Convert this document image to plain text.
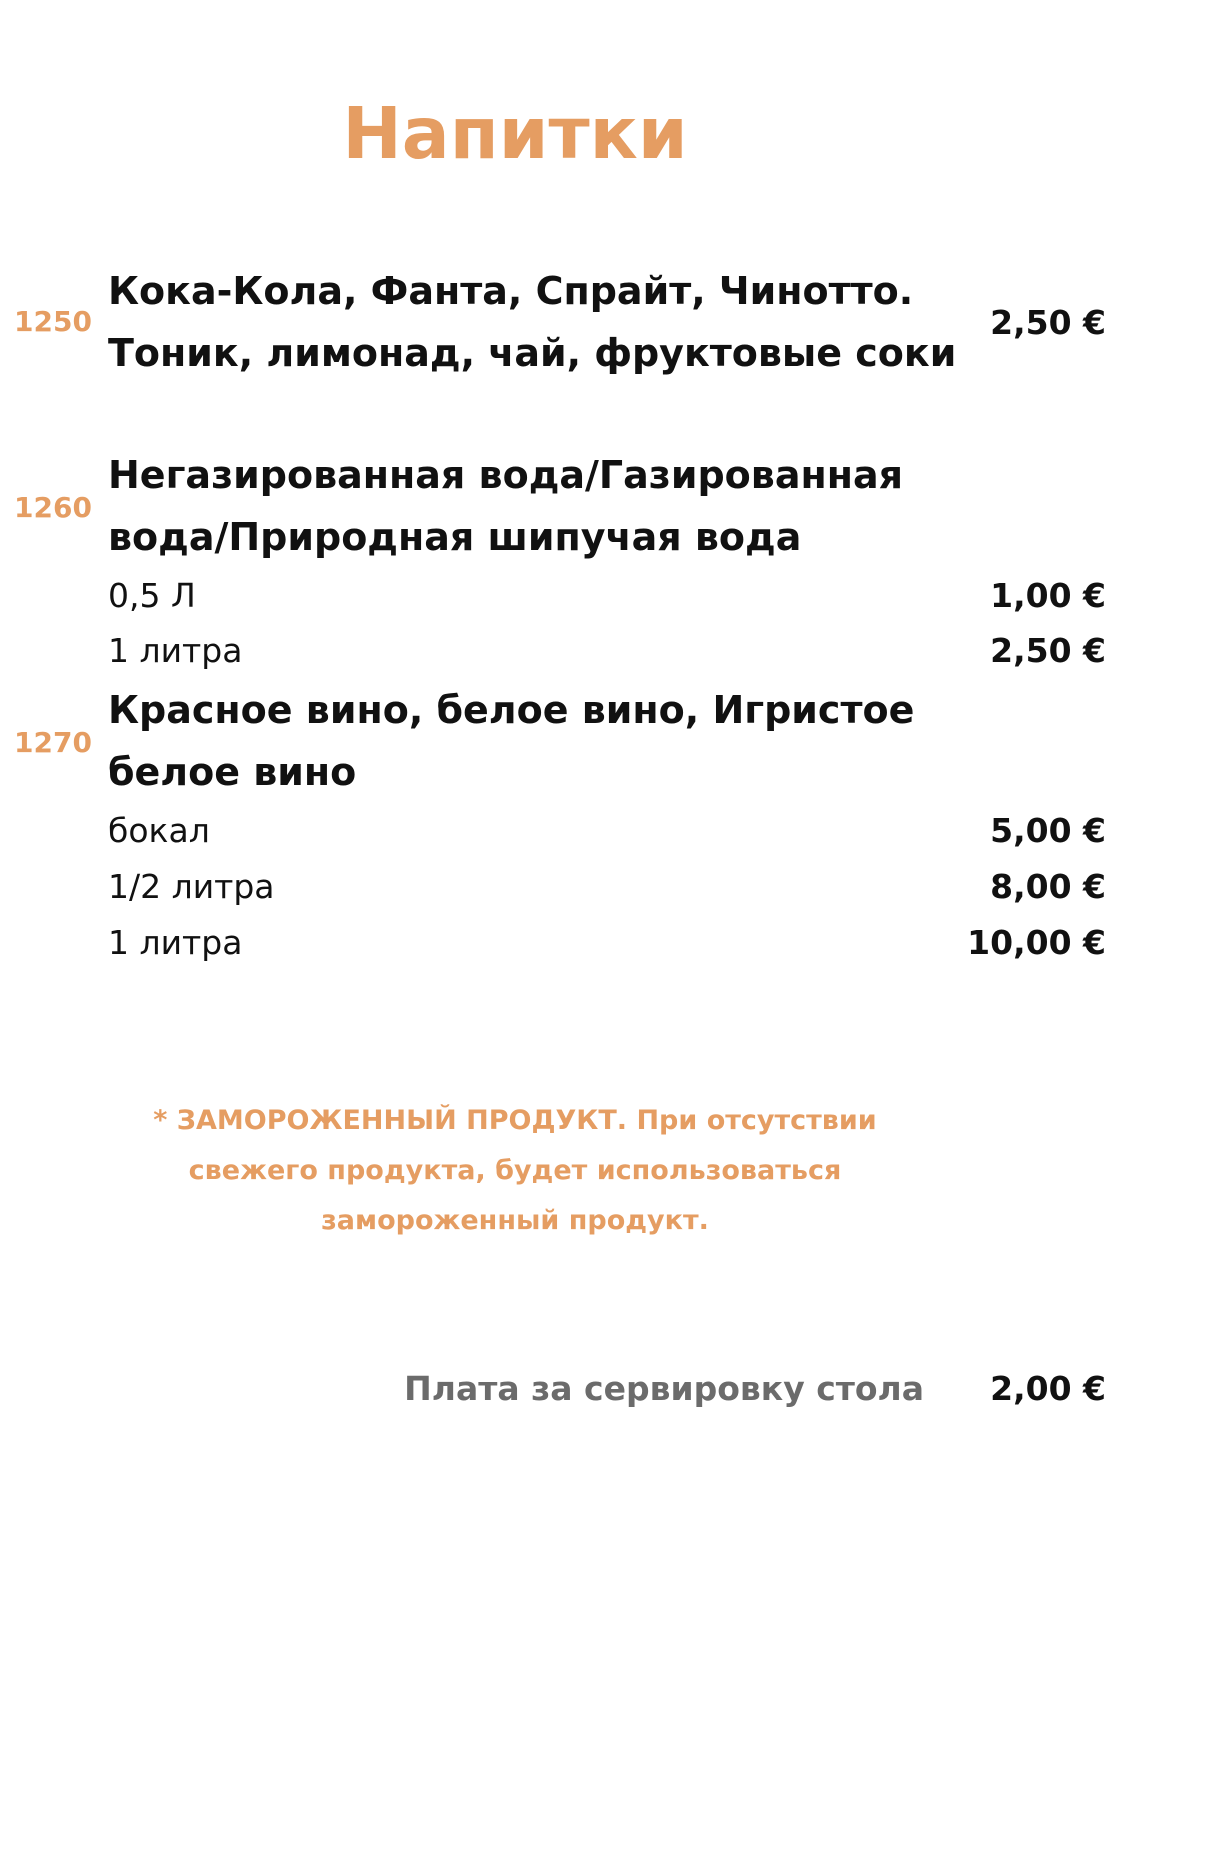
Напитки
1250
Кока-Кола, Фанта, Спрайт, Чинотто.
Тоник, лимонад, чай, фруктовые соки
2,50 €
1260
Негазированная вода/Газированная
вода/Природная шипучая вода
0,5 Л	1,00 €
1 литра	2,50 €
1270
Красное вино, белое вино, Игристое
белое вино
бокал	5,00 €
1/2 литра	8,00 €
1 литра	10,00 €
* ЗАМОРОЖЕННЫЙ ПРОДУКТ. При отсутствии
свежего продукта, будет использоваться
замороженный продукт.
Плата за сервировку стола	2,00 €
